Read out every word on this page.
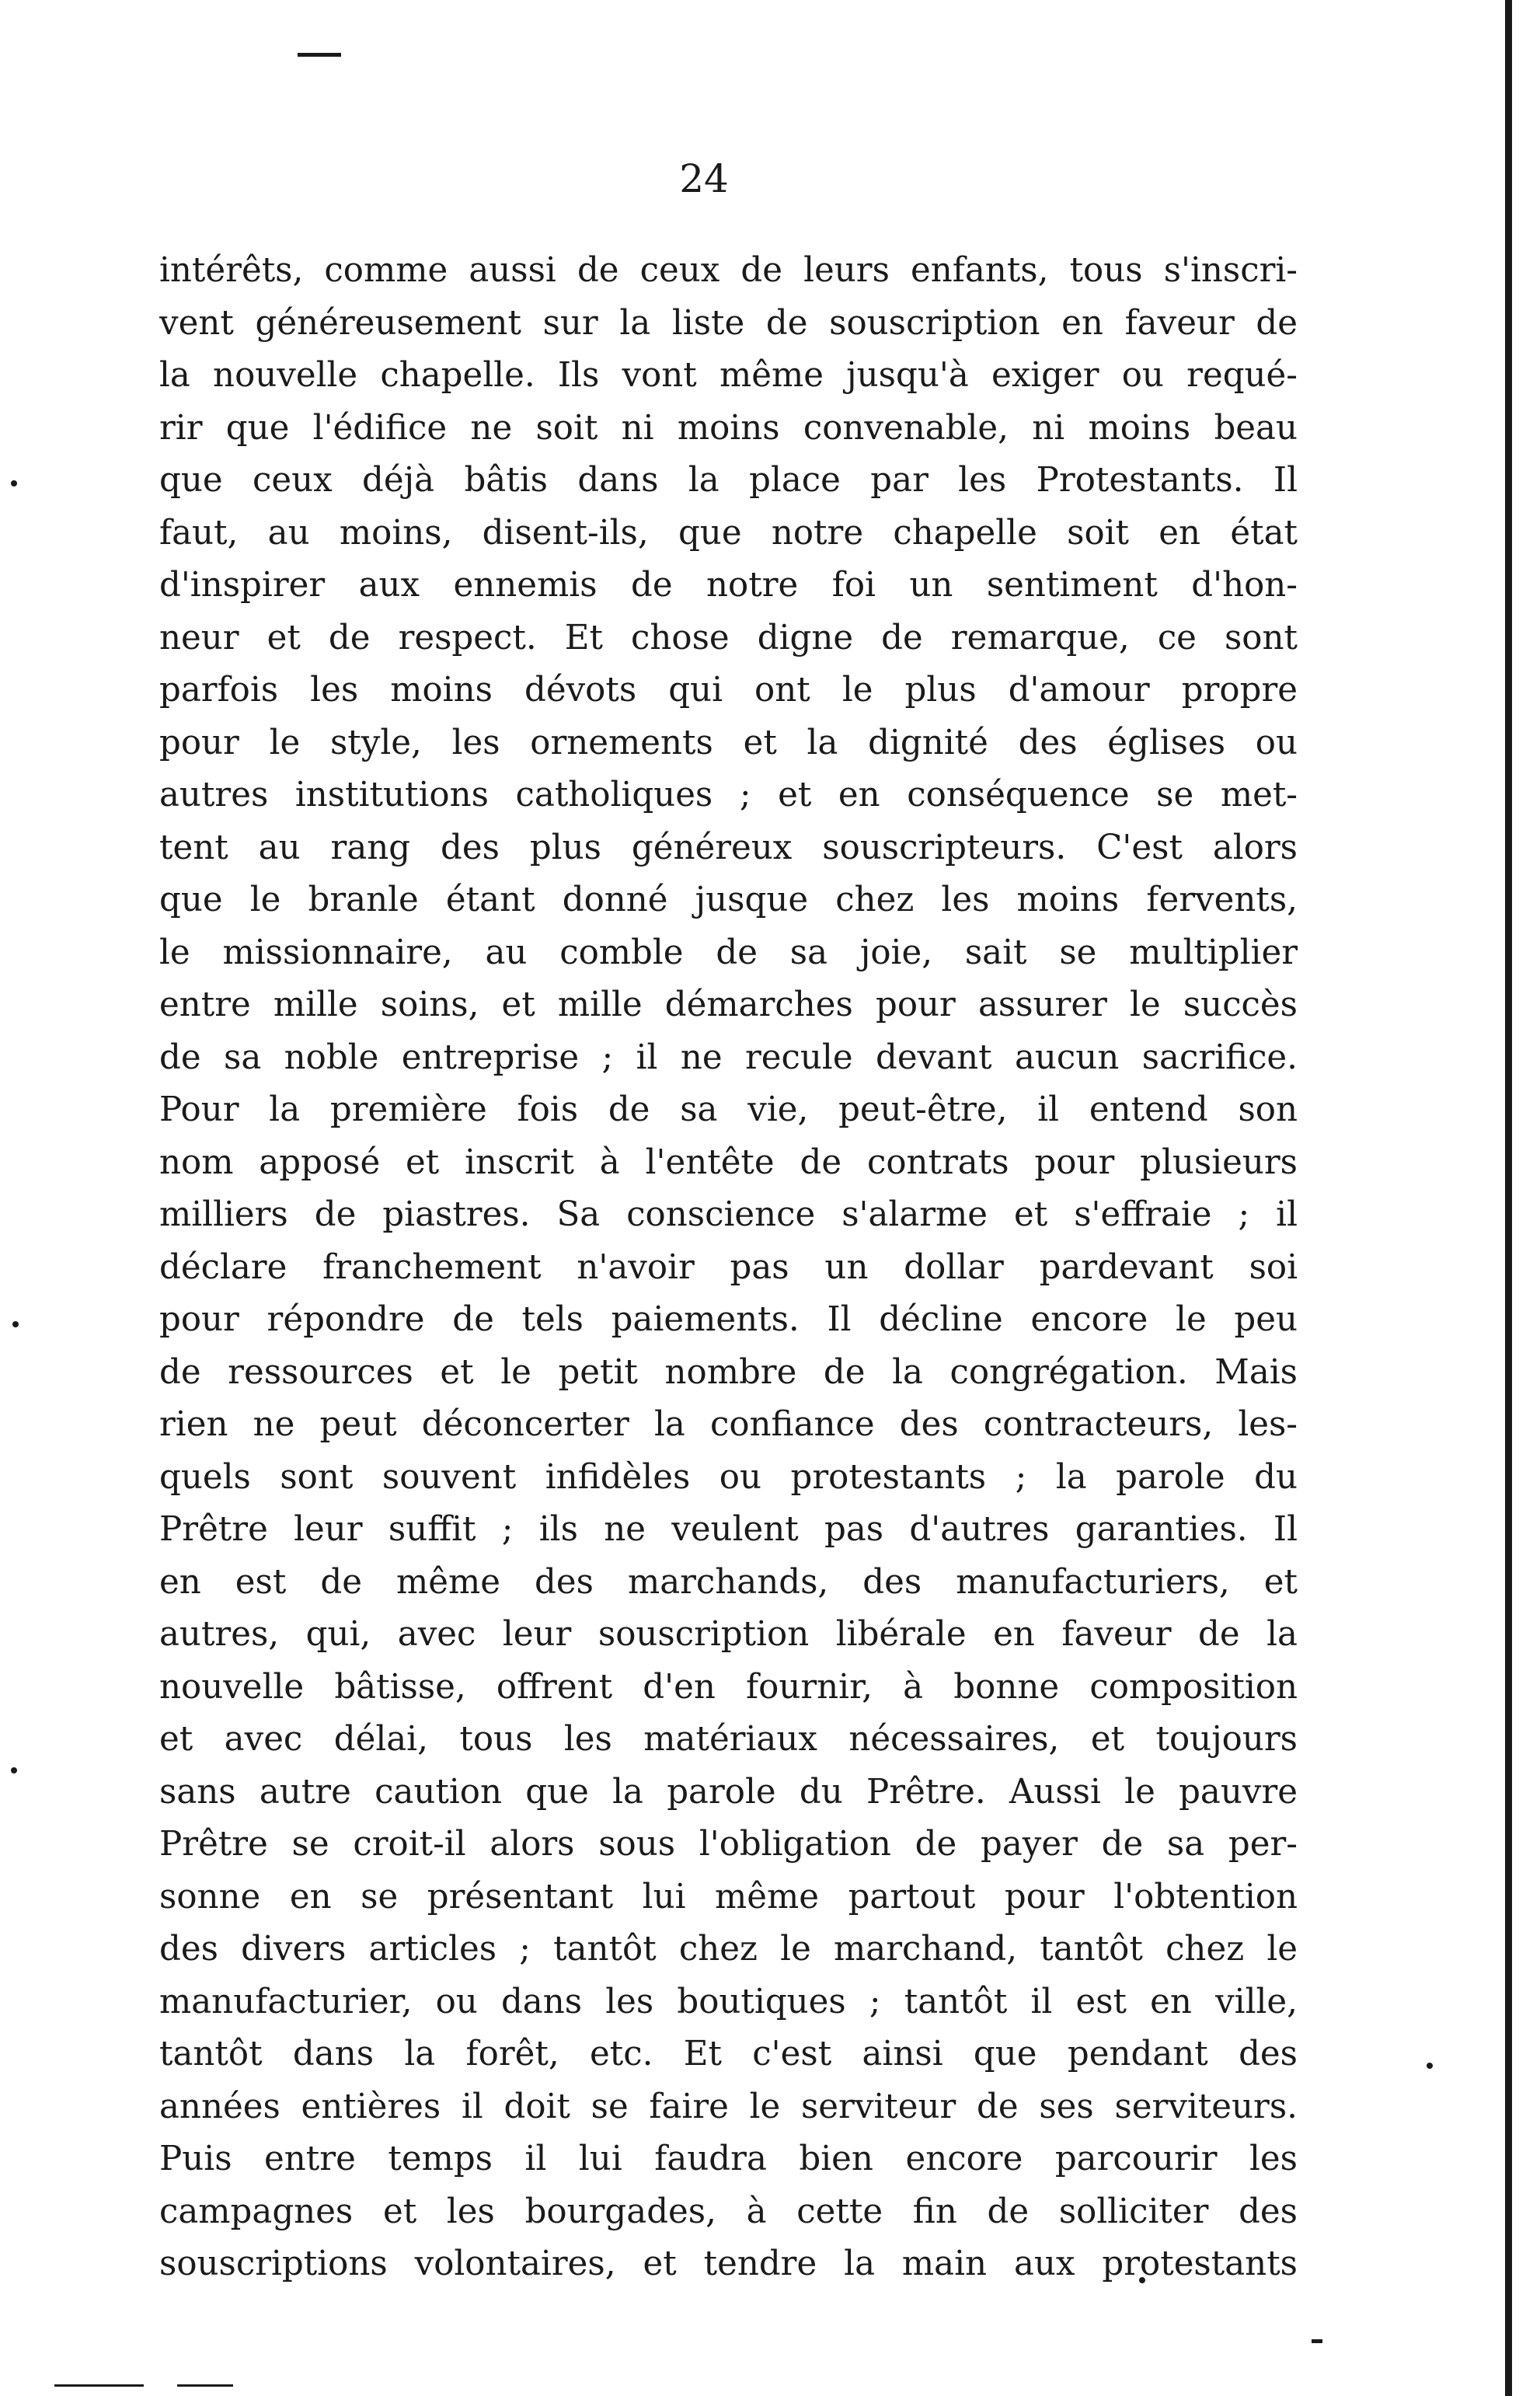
24
intérêts, comme aussi de ceux de leurs enfants, tous s'inscri-
vent généreusement sur la liste de souscription en faveur de
la nouvelle chapelle. Ils vont même jusqu'à exiger ou requé-
rir que l'édifice ne soit ni moins convenable, ni moins beau
que ceux déjà bâtis dans la place par les Protestants. Il
faut, au moins, disent-ils, que notre chapelle soit en état
d'inspirer aux ennemis de notre foi un sentiment d'hon-
neur et de respect. Et chose digne de remarque, ce sont
parfois les moins dévots qui ont le plus d'amour propre
pour le style, les ornements et la dignité des églises ou
autres institutions catholiques ; et en conséquence se met-
tent au rang des plus généreux souscripteurs. C'est alors
que le branle étant donné jusque chez les moins fervents,
le missionnaire, au comble de sa joie, sait se multiplier
entre mille soins, et mille démarches pour assurer le succès
de sa noble entreprise ; il ne recule devant aucun sacrifice.
Pour la première fois de sa vie, peut-être, il entend son
nom apposé et inscrit à l'entête de contrats pour plusieurs
milliers de piastres. Sa conscience s'alarme et s'effraie ; il
déclare franchement n'avoir pas un dollar pardevant soi
pour répondre de tels paiements. Il décline encore le peu
de ressources et le petit nombre de la congrégation. Mais
rien ne peut déconcerter la confiance des contracteurs, les-
quels sont souvent infidèles ou protestants ; la parole du
Prêtre leur suffit ; ils ne veulent pas d'autres garanties. Il
en est de même des marchands, des manufacturiers, et
autres, qui, avec leur souscription libérale en faveur de la
nouvelle bâtisse, offrent d'en fournir, à bonne composition
et avec délai, tous les matériaux nécessaires, et toujours
sans autre caution que la parole du Prêtre. Aussi le pauvre
Prêtre se croit-il alors sous l'obligation de payer de sa per-
sonne en se présentant lui même partout pour l'obtention
des divers articles ; tantôt chez le marchand, tantôt chez le
manufacturier, ou dans les boutiques ; tantôt il est en ville,
tantôt dans la forêt, etc. Et c'est ainsi que pendant des
années entières il doit se faire le serviteur de ses serviteurs.
Puis entre temps il lui faudra bien encore parcourir les
campagnes et les bourgades, à cette fin de solliciter des
souscriptions volontaires, et tendre la main aux protestants
